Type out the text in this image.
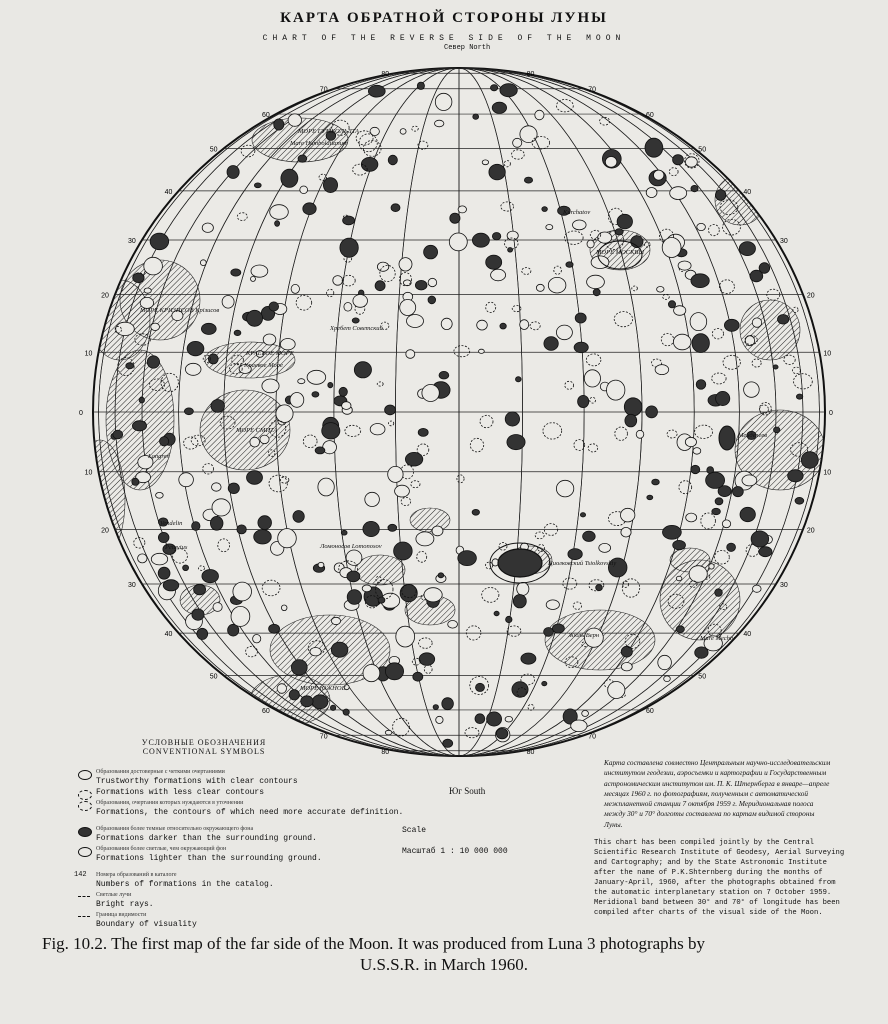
КАРТА ОБРАТНОЙ СТОРОНЫ ЛУНЫ
CHART OF THE REVERSE SIDE OF THE MOON
Север North
80	80
70	70
60	60
50	50
40	40
30	30
20	20
10	10
0	0
10	10
20	20
30	30
40	40
50	50
60	60
70	70
80	80
МОРЕ ГУМБОЛЬДТА
Mare Humboldtianum
Kurchatov
МОРЕ МОСКВЫ
МОРЕ КРИЗИСОВ Крізисов
КРАЕВОЕ МОРЕ
Краевое Море
МОРЕ СМИТА
Ломоносов Lomonosov
Циолковский Tsiolkovskiy
Жюль Верн
МОРЕ ЮЖНОЕ
Менделеев
Petavius
Vendelin
Langren
Хребет Советский
Mare Mechty
УСЛОВНЫЕ ОБОЗНАЧЕНИЯ
CONVENTIONAL SYMBOLS
Образования достоверные с четкими очертаниями
Trustworthy formations with clear contours
Formations with less clear contours
Образования, очертания которых нуждаются в уточнении
Formations, the contours of which need more accurate definition.
Образования более темные относительно окружающего фона
Formations darker than the surrounding ground.
Образования более светлые, чем окружающий фон
Formations lighter than the surrounding ground.
142 Номера образований в каталоге
Numbers of formations in the catalog.
Светлые лучи
Bright rays.
Граница видимости
Boundary of visuality
Юг South
Scale
Масштаб 1 : 10 000 000
Карта составлена совместно Центральным научно-исследовательским институтом геодезии, аэросъемки и картографии и Государственным астрономическим институтом им. П. К. Штернберга в январе—апреле месяцах 1960 г. по фотографиям, полученным с автоматической межпланетной станции 7 октября 1959 г. Меридиональная полоса между 30° и 70° долготы составлена по картам видимой стороны Луны.
This chart has been compiled jointly by the Central Scientific Research Institute of Geodesy, Aerial Surveying and Cartography; and by the State Astronomic Institute after the name of P.K.Shternberg during the months of January-April, 1960, after the photographs obtained from the automatic interplanetary station on 7 October 1959. Meridional band between 30° and 70° of longitude has been compiled after charts of the visual side of the Moon.
Fig. 10.2. The first map of the far side of the Moon. It was produced from Luna 3 photographs by
U.S.S.R. in March 1960.
